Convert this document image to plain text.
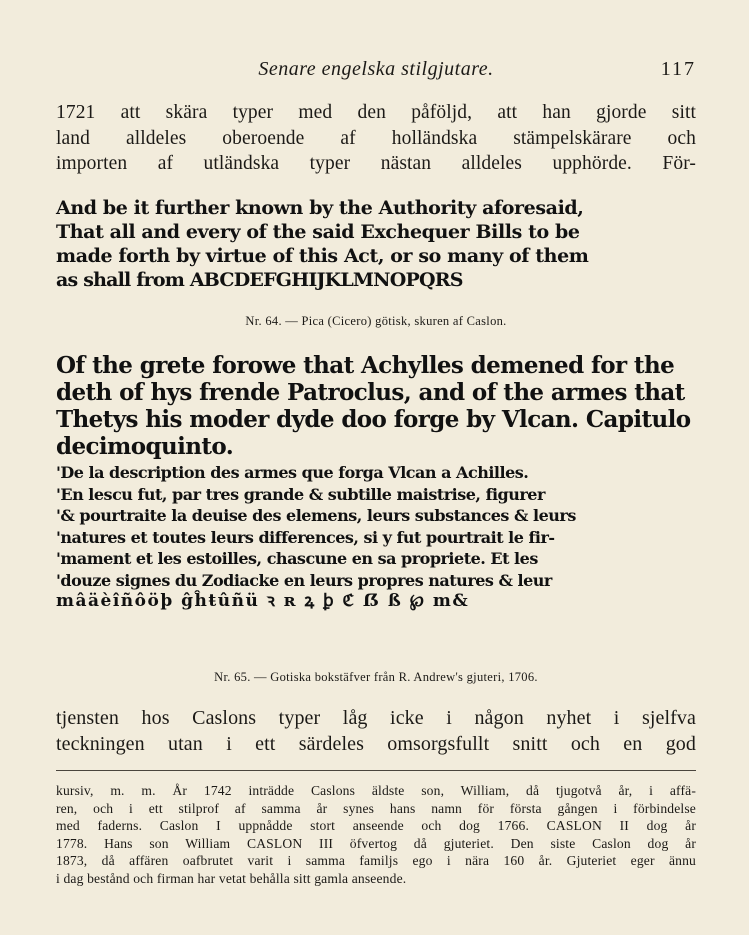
Senare engelska stilgjutare.	117
1721 att skära typer med den påföljd, att han gjorde sitt
land alldeles oberoende af holländska stämpelskärare och
importen af utländska typer nästan alldeles upphörde. För-
And be it further known by the Authority aforesaid,
That all and every of the said Exchequer Bills to be
made forth by virtue of this Act, or so many of them
as shall from ABCDEFGHIJKLMNOPQRS
Nr. 64. — Pica (Cicero) götisk, skuren af Caslon.
Of the grete forowe that Achylles demened for the
deth of hys frende Patroclus, and of the armes that
Thetys his moder dyde doo forge by Vlcan. Capitulo
decimoquinto.
'De la description des armes que forga Vlcan a Achilles.
'En lescu fut, par tres grande & subtille maistrise, figurer
'& pourtraite la deuise des elemens, leurs substances & leurs
'natures et toutes leurs differences, si y fut pourtrait le fir-
'mament et les estoilles, chascune en sa propriete. Et les
'douze signes du Zodiacke en leurs propres natures & leur
mâäèîñôöþ ĝĥŧûñü ꝛ ʀ ꝝ ꝧ ℭ ẞ ß ℘ m&
Nr. 65. — Gotiska bokstäfver från R. Andrew's gjuteri, 1706.
tjensten hos Caslons typer låg icke i någon nyhet i sjelfva
teckningen utan i ett särdeles omsorgsfullt snitt och en god
kursiv, m. m. År 1742 inträdde Caslons äldste son, William, då tjugotvå år, i affä-
ren, och i ett stilprof af samma år synes hans namn för första gången i förbindelse
med faderns. Caslon I uppnådde stort anseende och dog 1766. CASLON II dog år
1778. Hans son William CASLON III öfvertog då gjuteriet. Den siste Caslon dog år
1873, då affären oafbrutet varit i samma familjs ego i nära 160 år. Gjuteriet eger ännu
i dag bestånd och firman har vetat behålla sitt gamla anseende.
